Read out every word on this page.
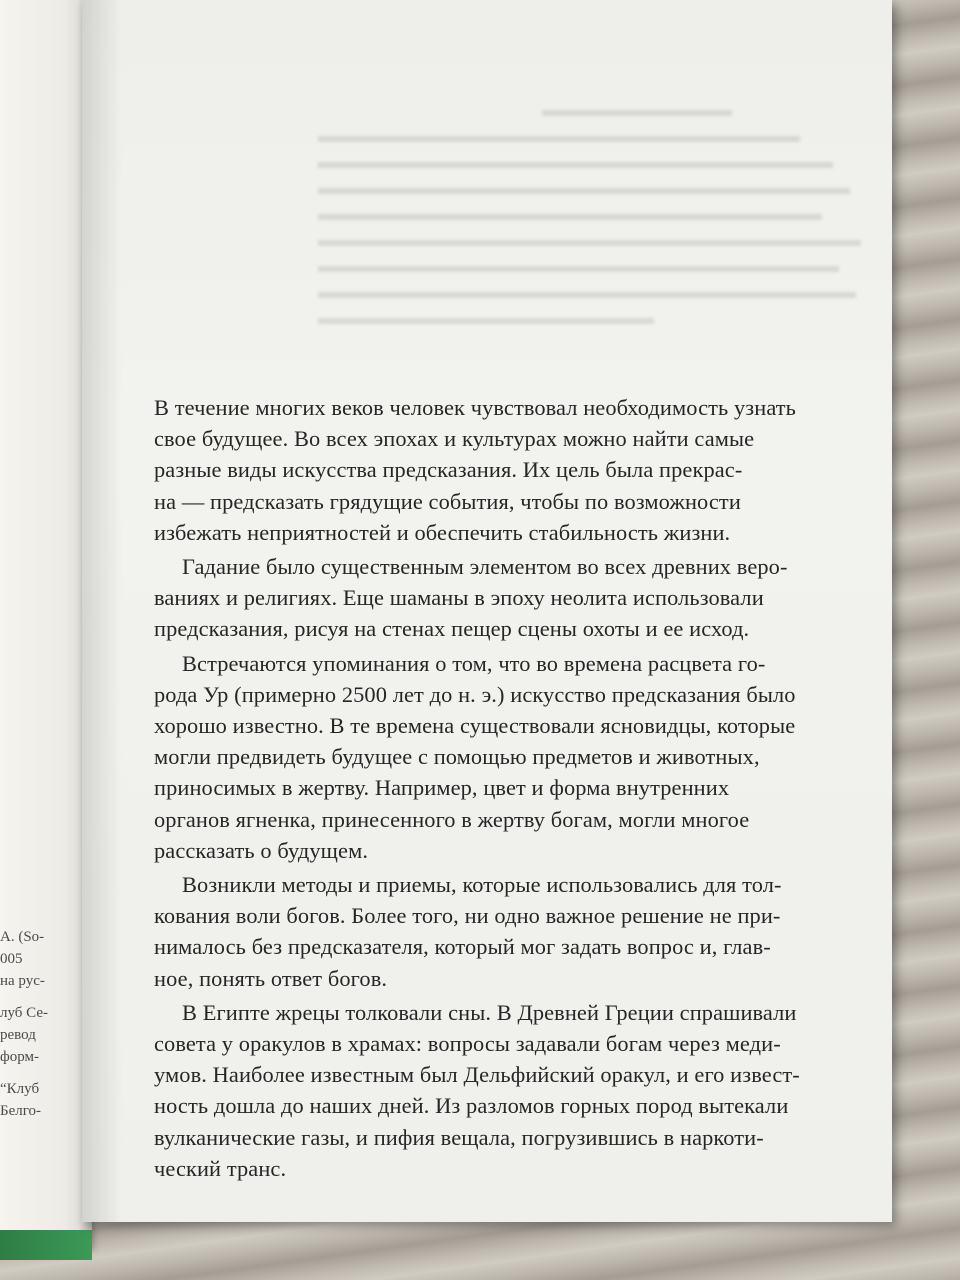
А. (So-
005
на рус-
луб Се-
ревод
форм-
“Клуб
Белго-

В течение многих веков человек чувствовал необходимость узнать

свое будущее. Во всех эпохах и культурах можно найти самые

разные виды искусства предсказания. Их цель была прекрас-

на — предсказать грядущие события, чтобы по возможности

избежать неприятностей и обеспечить стабильность жизни.

Гадание было существенным элементом во всех древних веро-

ваниях и религиях. Еще шаманы в эпоху неолита использовали

предсказания, рисуя на стенах пещер сцены охоты и ее исход.

Встречаются упоминания о том, что во времена расцвета го-

рода Ур (примерно 2500 лет до н. э.) искусство предсказания было

хорошо известно. В те времена существовали ясновидцы, которые

могли предвидеть будущее с помощью предметов и животных,

приносимых в жертву. Например, цвет и форма внутренних

органов ягненка, принесенного в жертву богам, могли многое

рассказать о будущем.

Возникли методы и приемы, которые использовались для тол-

кования воли богов. Более того, ни одно важное решение не при-

нималось без предсказателя, который мог задать вопрос и, глав-

ное, понять ответ богов.

В Египте жрецы толковали сны. В Древней Греции спрашивали

совета у оракулов в храмах: вопросы задавали богам через меди-

умов. Наиболее известным был Дельфийский оракул, и его извест-

ность дошла до наших дней. Из разломов горных пород вытекали

вулканические газы, и пифия вещала, погрузившись в наркоти-

ческий транс.
